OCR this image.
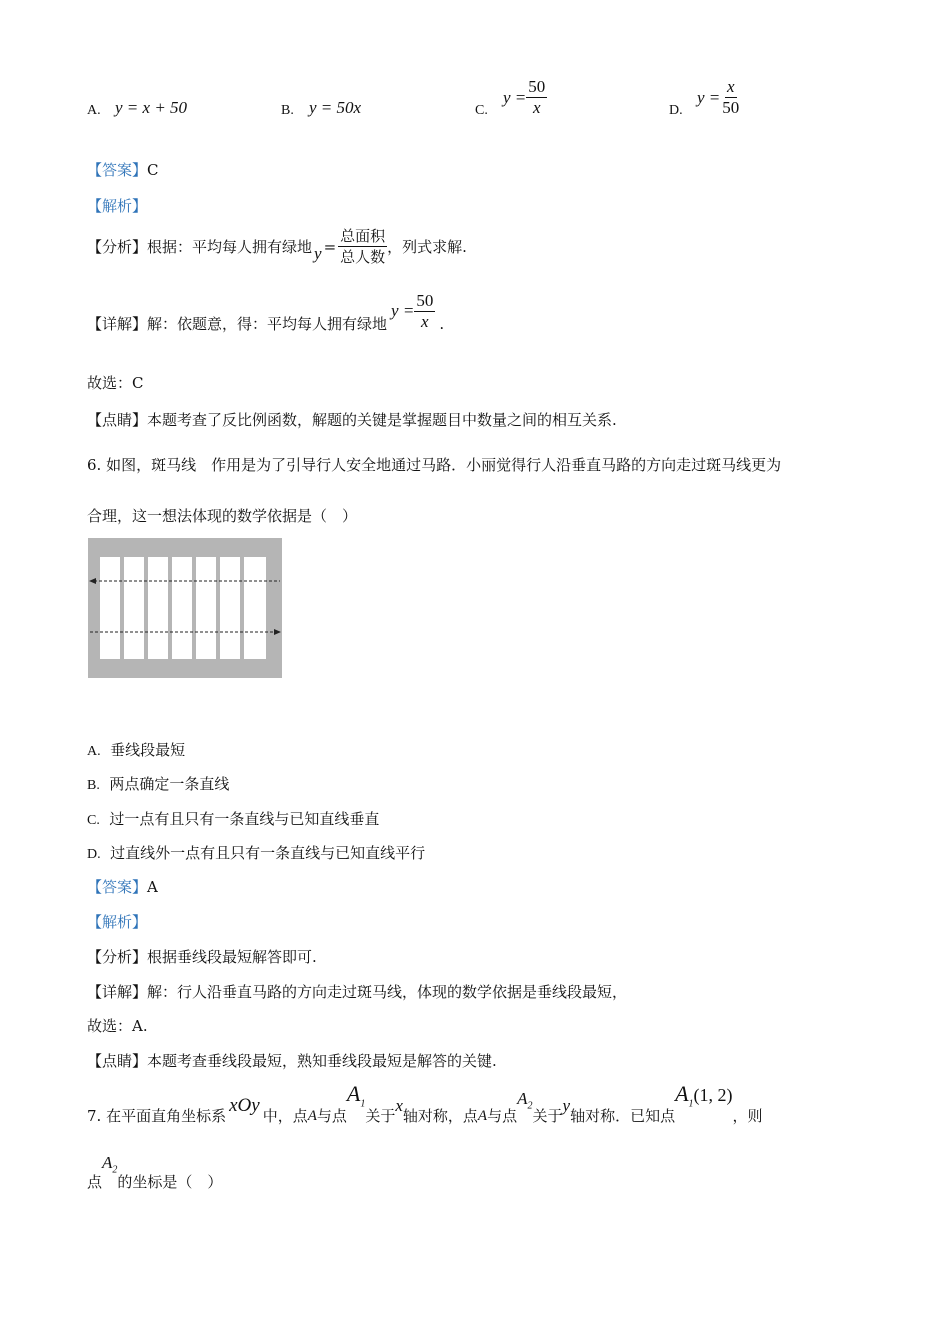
A. y = x + 50	B. y = 50x	C.
$y = \frac{50}{x}$	D.
$y = \frac{x}{50}$
【答案】C
【解析】
【分析】 根据：平均每人拥有绿地 $y = \frac{\text{总面积}}{\text{总人数}}$ ，列式求解.
【详解】 解：依题意，得：平均每人拥有绿地
$y = \frac{50}{x}$ .
故选：C
【点睛】本题考查了反比例函数，解题的关键是掌握题目中数量之间的相互关系.
6. 如图，斑马线　作用是为了引导行人安全地通过马路．小丽觉得行人沿垂直马路的方向走过斑马线更为
合理，这一想法体现的数学依据是（　）
A. 垂线段最短
B. 两点确定一条直线
C. 过一点有且只有一条直线与已知直线垂直
D. 过直线外一点有且只有一条直线与已知直线平行
【答案】A
【解析】
【分析】根据垂线段最短解答即可.
【详解】解：行人沿垂直马路的方向走过斑马线，体现的数学依据是垂线段最短，
故选：A.
【点睛】本题考查垂线段最短，熟知垂线段最短是解答的关键.
7. 在平面直角坐标系 xOy 中，点 A 与点
$A_1$
关于
x
轴对称，点 A 与点
$A_2$
关于
y
轴对称．已知点
$A_1(1$, 2)
，则
点
$A_2$
的坐标是（　）
